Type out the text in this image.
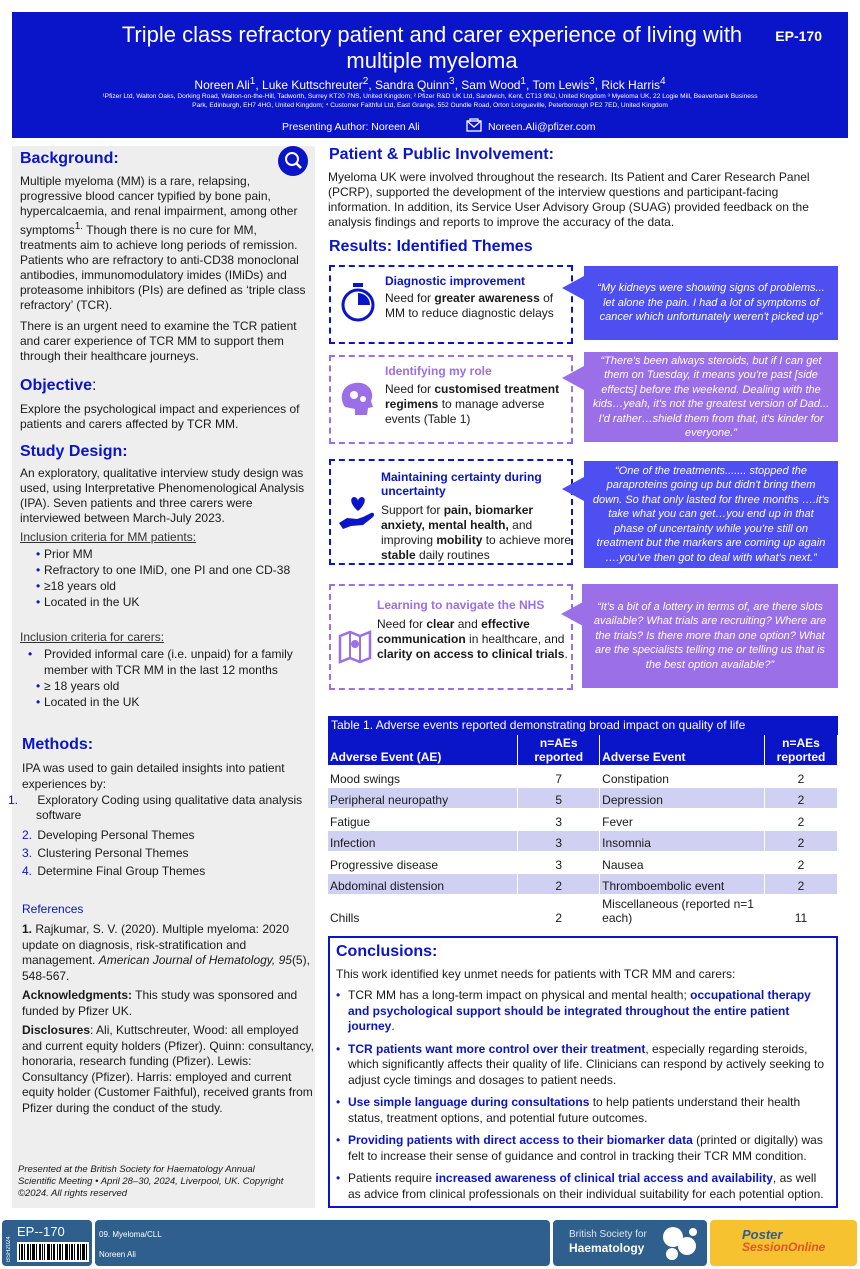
Triple class refractory patient and carer experience of living with multiple myeloma
EP-170
Noreen Ali$^1$, Luke Kuttschreuter$^2$, Sandra Quinn$^3$, Sam Wood$^1$, Tom Lewis$^3$, Rick Harris$^4$
¹Pfizer Ltd, Walton Oaks, Dorking Road, Walton-on-the-Hill, Tadworth, Surrey KT20 7NS, United Kingdom; ² Pfizer R&D UK Ltd, Sandwich, Kent, CT13 9NJ, United Kingdom ³ Myeloma UK, 22 Logie Mill, Beaverbank Business Park, Edinburgh, EH7 4HG, United Kingdom; ⁴ Customer Faithful Ltd, East Grange, 552 Oundle Road, Orton Longueville, Peterborough PE2 7ED, United Kingdom
Presenting Author: Noreen Ali	Noreen.Ali@pfizer.com
Background:
Multiple myeloma (MM) is a rare, relapsing, progressive blood cancer typified by bone pain, hypercalcaemia, and renal impairment, among other symptoms$^{1.}$ Though there is no cure for MM, treatments aim to achieve long periods of remission. Patients who are refractory to anti-CD38 monoclonal antibodies, immunomodulatory imides (IMiDs) and proteasome inhibitors (PIs) are defined as ‘triple class refractory’ (TCR).
There is an urgent need to examine the TCR patient and carer experience of TCR MM to support them through their healthcare journeys.
Objective:
Explore the psychological impact and experiences of patients and carers affected by TCR MM.
Study Design:
An exploratory, qualitative interview study design was used, using Interpretative Phenomenological Analysis (IPA). Seven patients and three carers were interviewed between March-July 2023.
Inclusion criteria for MM patients:
• Prior MM
• Refractory to one IMiD, one PI and one CD-38
• ≥18 years old
• Located in the UK
Inclusion criteria for carers:
• Provided informal care (i.e. unpaid) for a family member with TCR MM in the last 12 months
• ≥ 18 years old
• Located in the UK
Methods:
IPA was used to gain detailed insights into patient experiences by:
1. Exploratory Coding using qualitative data analysis software
2. Developing Personal Themes
3. Clustering Personal Themes
4. Determine Final Group Themes
References
1. Rajkumar, S. V. (2020). Multiple myeloma: 2020 update on diagnosis, risk-stratification and management. American Journal of Hematology, 95(5), 548-567.
Acknowledgments: This study was sponsored and funded by Pfizer UK.
Disclosures: Ali, Kuttschreuter, Wood: all employed and current equity holders (Pfizer). Quinn: consultancy, honoraria, research funding (Pfizer). Lewis: Consultancy (Pfizer). Harris: employed and current equity holder (Customer Faithful), received grants from Pfizer during the conduct of the study.
Presented at the British Society for Haematology Annual Scientific Meeting • April 28–30, 2024, Liverpool, UK. Copyright ©2024. All rights reserved
Patient & Public Involvement:
Myeloma UK were involved throughout the research. Its Patient and Carer Research Panel (PCRP), supported the development of the interview questions and participant-facing information. In addition, its Service User Advisory Group (SUAG) provided feedback on the analysis findings and reports to improve the accuracy of the data.
Results: Identified Themes
Diagnostic improvement
Need for greater awareness of MM to reduce diagnostic delays
“My kidneys were showing signs of problems... let alone the pain. I had a lot of symptoms of cancer which unfortunately weren't picked up”
Identifying my role
Need for customised treatment regimens to manage adverse events (Table 1)
“There's been always steroids, but if I can get them on Tuesday, it means you're past [side effects] before the weekend. Dealing with the kids…yeah, it's not the greatest version of Dad... I'd rather…shield them from that, it's kinder for everyone.”
Maintaining certainty during uncertainty
Support for pain, biomarker anxiety, mental health, and improving mobility to achieve more stable daily routines
“One of the treatments....... stopped the paraproteins going up but didn't bring them down. So that only lasted for three months ….it's take what you can get…you end up in that phase of uncertainty while you're still on treatment but the markers are coming up again ….you've then got to deal with what's next.”
Learning to navigate the NHS
Need for clear and effective communication in healthcare, and clarity on access to clinical trials.
“It's a bit of a lottery in terms of, are there slots available? What trials are recruiting? Where are the trials? Is there more than one option? What are the specialists telling me or telling us that is the best option available?”
Table 1. Adverse events reported demonstrating broad impact on quality of life
Adverse Event (AE)	n=AEs reported	Adverse Event	n=AEs reported
Mood swings	7	Constipation	2
Peripheral neuropathy	5	Depression	2
Fatigue	3	Fever	2
Infection	3	Insomnia	2
Progressive disease	3	Nausea	2
Abdominal distension	2	Thromboembolic event	2
Chills	2	Miscellaneous (reported n=1 each)	11
Conclusions:
This work identified key unmet needs for patients with TCR MM and carers:
• TCR MM has a long-term impact on physical and mental health; occupational therapy and psychological support should be integrated throughout the entire patient journey.
• TCR patients want more control over their treatment, especially regarding steroids, which significantly affects their quality of life. Clinicians can respond by actively seeking to adjust cycle timings and dosages to patient needs.
• Use simple language during consultations to help patients understand their health status, treatment options, and potential future outcomes.
• Providing patients with direct access to their biomarker data (printed or digitally) was felt to increase their sense of guidance and control in tracking their TCR MM condition.
• Patients require increased awareness of clinical trial access and availability, as well as advice from clinical professionals on their individual suitability for each potential option.
BSH2024
EP--170	09. Myeloma/CLL
Noreen Ali
British Society for
Haematology
Poster
SessionOnline
